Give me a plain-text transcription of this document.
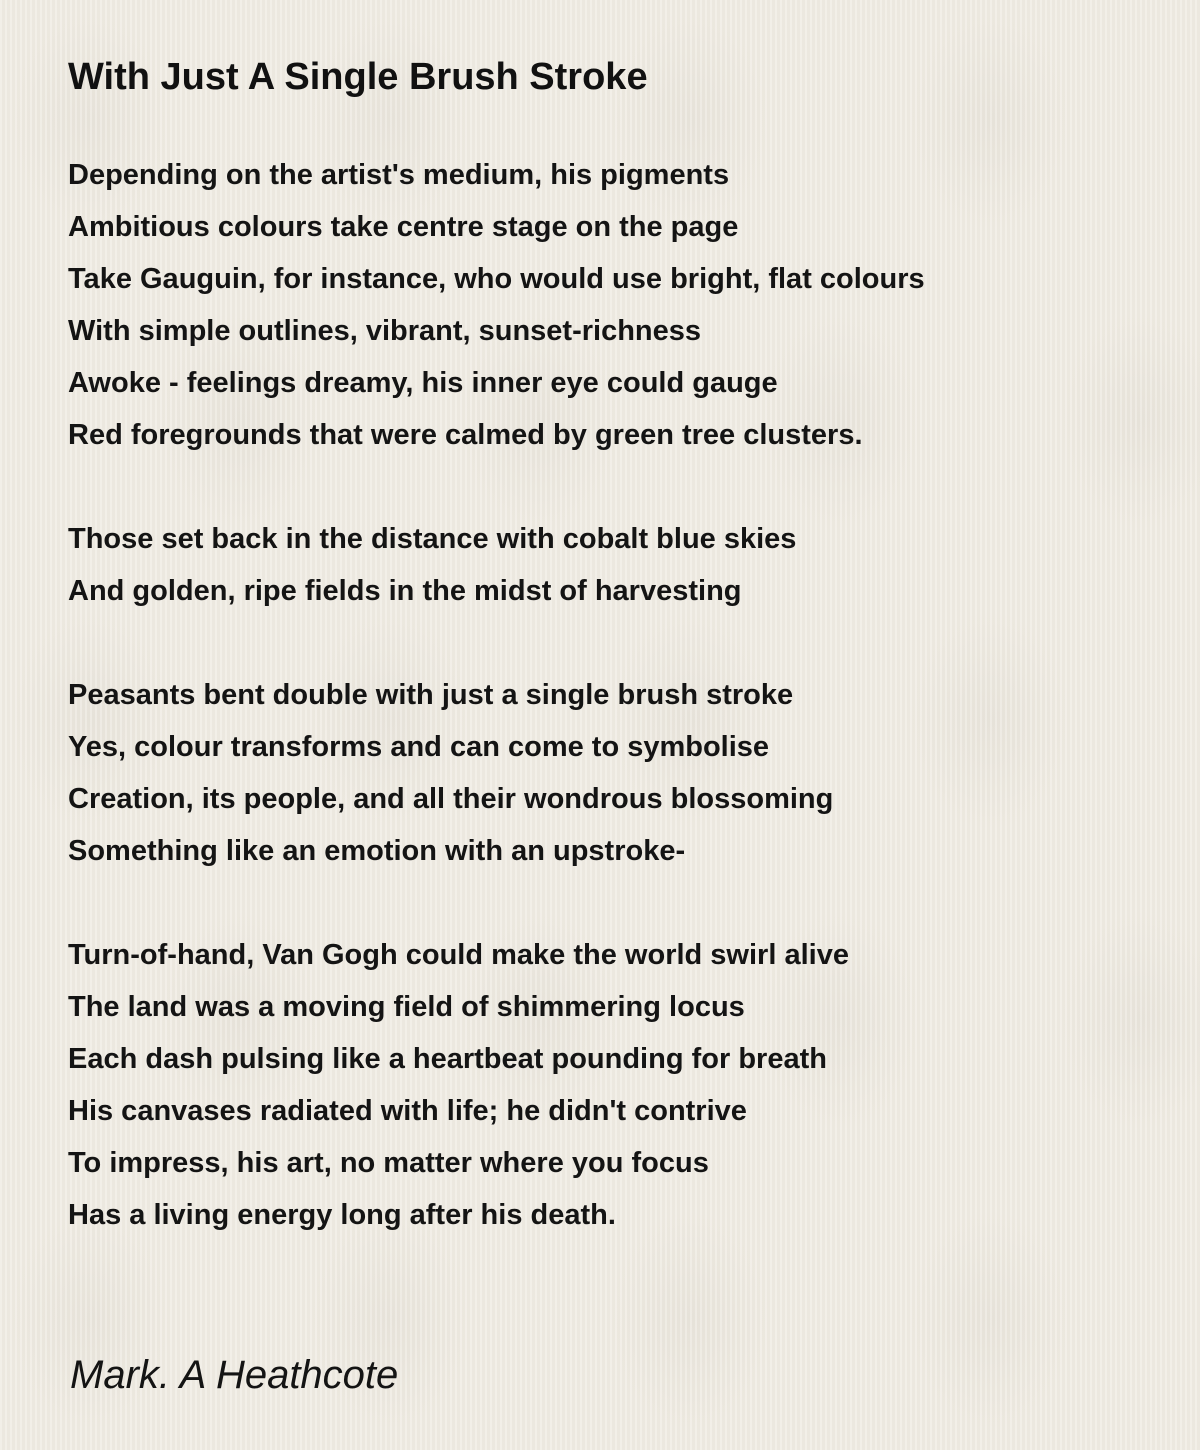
With Just A Single Brush Stroke
Depending on the artist's medium, his pigments
Ambitious colours take centre stage on the page
Take Gauguin, for instance, who would use bright, flat colours
With simple outlines, vibrant, sunset-richness
Awoke - feelings dreamy, his inner eye could gauge
Red foregrounds that were calmed by green tree clusters.
Those set back in the distance with cobalt blue skies
And golden, ripe fields in the midst of harvesting
Peasants bent double with just a single brush stroke
Yes, colour transforms and can come to symbolise
Creation, its people, and all their wondrous blossoming
Something like an emotion with an upstroke-
Turn-of-hand, Van Gogh could make the world swirl alive
The land was a moving field of shimmering locus
Each dash pulsing like a heartbeat pounding for breath
His canvases radiated with life; he didn't contrive
To impress, his art, no matter where you focus
Has a living energy long after his death.
Mark. A Heathcote
